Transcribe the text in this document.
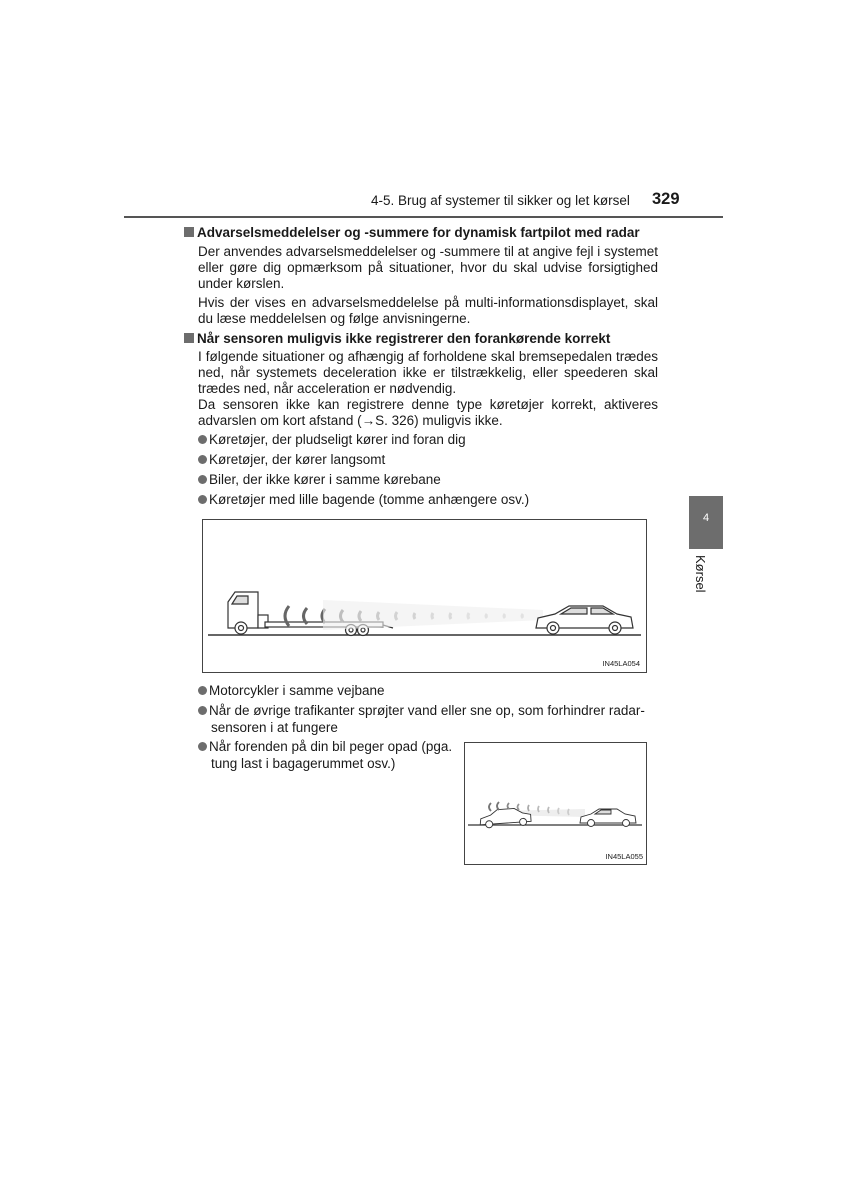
4-5. Brug af systemer til sikker og let kørsel 329
4
Kørsel
Advarselsmeddelelser og -summere for dynamisk fartpilot med radar
Der anvendes advarselsmeddelelser og -summere til at angive fejl i systemet
eller gøre dig opmærksom på situationer, hvor du skal udvise forsigtighed
under kørslen.
Hvis der vises en advarselsmeddelelse på multi-informationsdisplayet, skal
du læse meddelelsen og følge anvisningerne.
Når sensoren muligvis ikke registrerer den forankørende korrekt
I følgende situationer og afhængig af forholdene skal bremsepedalen trædes
ned, når systemets deceleration ikke er tilstrækkelig, eller speederen skal
trædes ned, når acceleration er nødvendig.
Da sensoren ikke kan registrere denne type køretøjer korrekt, aktiveres
advarslen om kort afstand (→S. 326) muligvis ikke.
Køretøjer, der pludseligt kører ind foran dig
Køretøjer, der kører langsomt
Biler, der ikke kører i samme kørebane
Køretøjer med lille bagende (tomme anhængere osv.)
IN45LA054
Motorcykler i samme vejbane
Når de øvrige trafikanter sprøjter vand eller sne op, som forhindrer radar-
sensoren i at fungere
Når forenden på din bil peger opad (pga.
tung last i bagagerummet osv.)
IN45LA055
